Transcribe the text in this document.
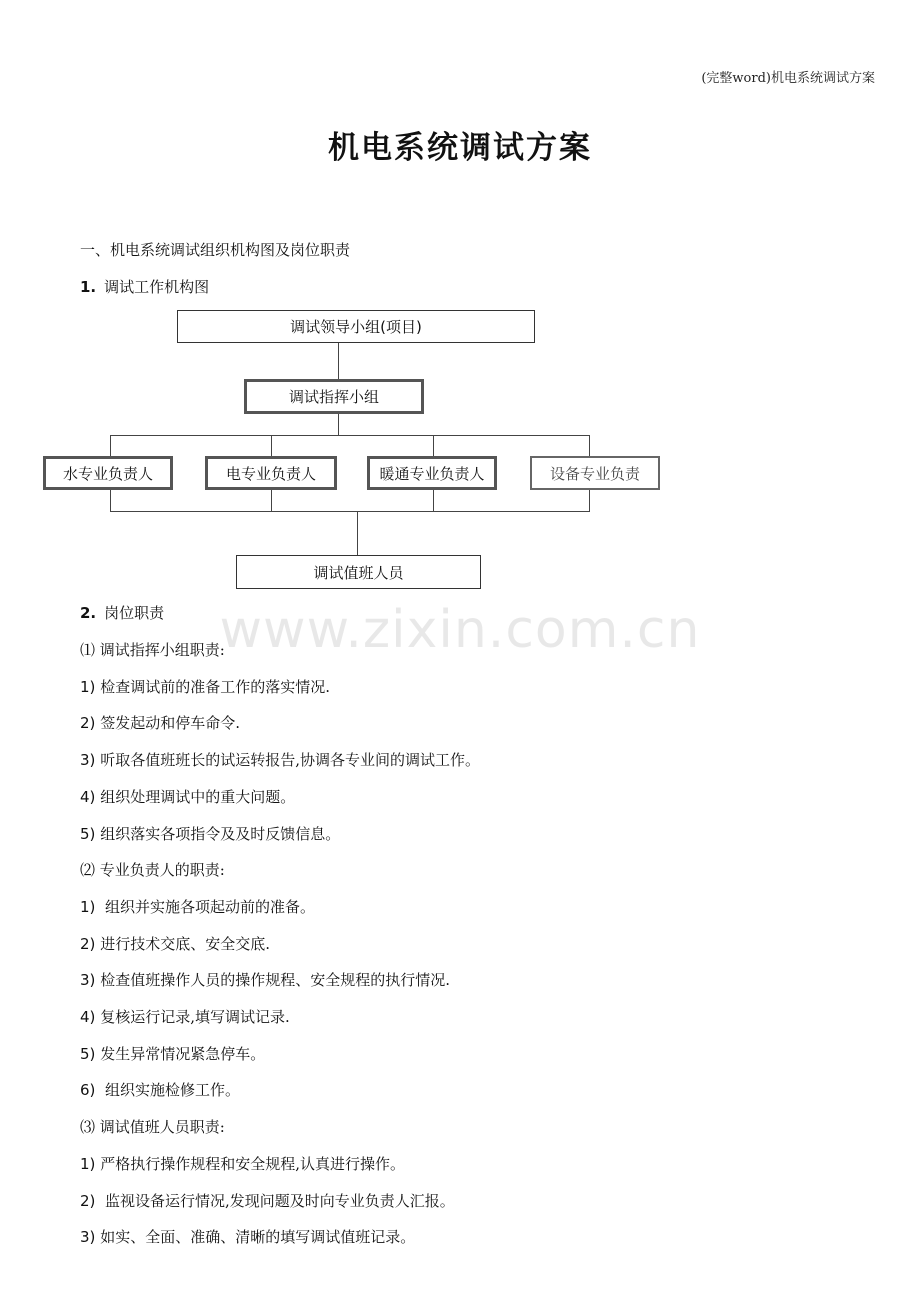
(完整word)机电系统调试方案
机电系统调试方案
一、机电系统调试组织机构图及岗位职责
1. 调试工作机构图
调试领导小组(项目)
调试指挥小组
水专业负责人	电专业负责人	暖通专业负责人	设备专业负责
调试值班人员
2. 岗位职责
⑴ 调试指挥小组职责:
1) 检查调试前的准备工作的落实情况.
2) 签发起动和停车命令.
3) 听取各值班班长的试运转报告,协调各专业间的调试工作。
4) 组织处理调试中的重大问题。
5) 组织落实各项指令及及时反馈信息。
⑵ 专业负责人的职责:
1)  组织并实施各项起动前的准备。
2) 进行技术交底、安全交底.
3) 检查值班操作人员的操作规程、安全规程的执行情况.
4) 复核运行记录,填写调试记录.
5) 发生异常情况紧急停车。
6)  组织实施检修工作。
⑶ 调试值班人员职责:
1) 严格执行操作规程和安全规程,认真进行操作。
2)  监视设备运行情况,发现问题及时向专业负责人汇报。
3) 如实、全面、准确、清晰的填写调试值班记录。
www.zixin.com.cn
